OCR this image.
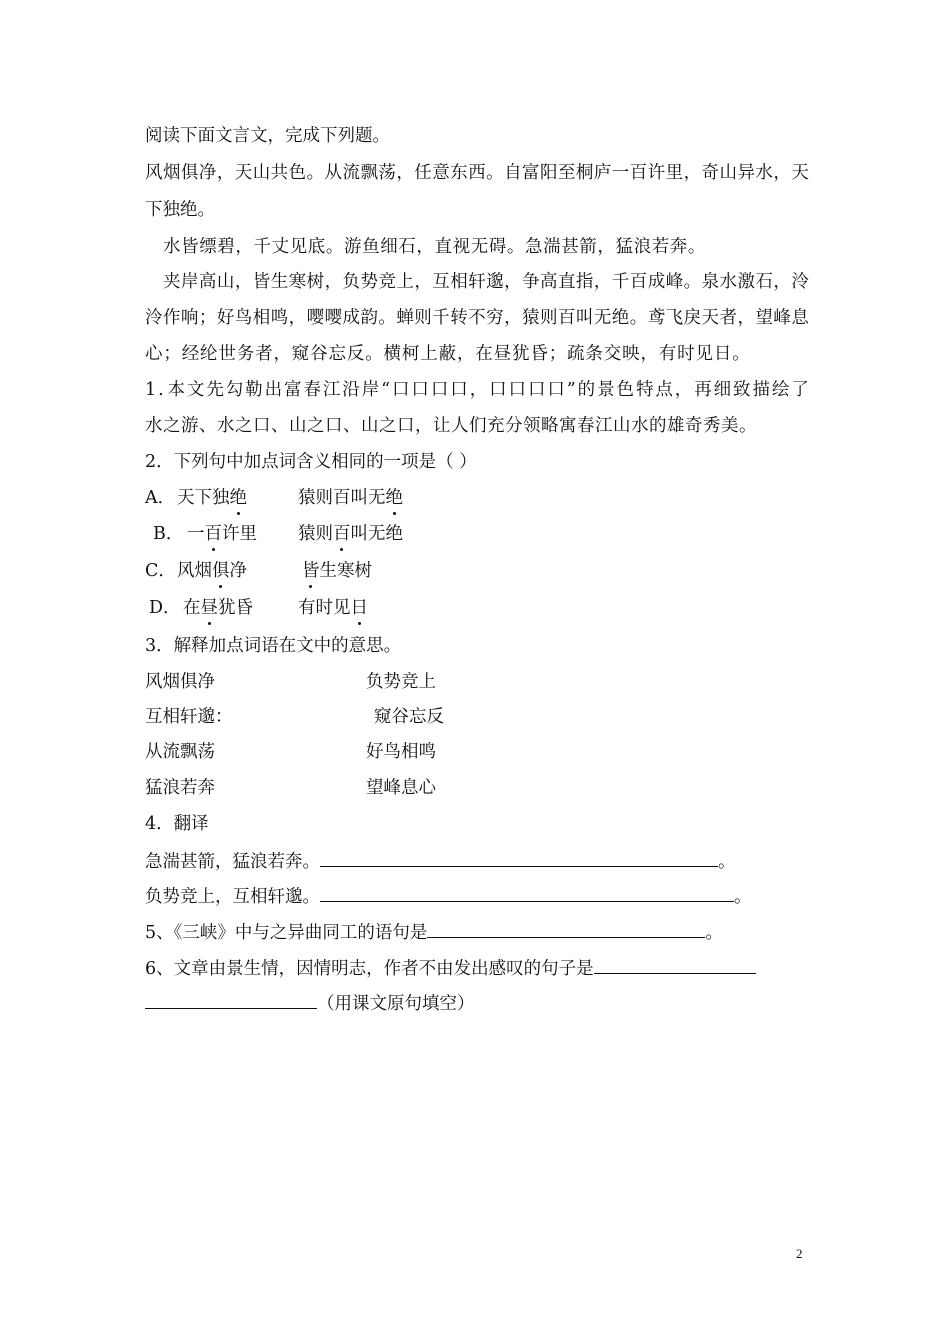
阅读下面文言文，完成下列题。
风 烟 俱 净 ， 天 山 共 色 。 从 流 飘 荡 ， 任 意 东 西 。 自 富 阳 至 桐 庐 一 百 许 里 ， 奇 山 异 水 ， 天
下独绝。
水皆缥碧，千丈见底。游鱼细石，直视无碍。急湍甚箭，猛浪若奔。
夹 岸 高 山 ， 皆 生 寒 树 ， 负 势 竞 上 ， 互 相 轩 邈 ， 争 高 直 指 ， 千 百 成 峰 。 泉 水 激 石 ， 泠
泠 作 响 ； 好 鸟 相 鸣 ， 嘤 嘤 成 韵 。 蝉 则 千 转 不 穷 ， 猿 则 百 叫 无 绝 。 鸢 飞 戾 天 者 ， 望 峰 息
心；经纶世务者，窥谷忘反。横柯上蔽，在昼犹昏；疏条交映，有时见日。
1 . 本 文 先 勾 勒 出 富 春 江 沿 岸 “ 口 口 口 口 ， 口 口 口 口 ” 的 景 色 特 点 ， 再 细 致 描 绘 了
水之游、水之口、山之口、山之口，让人们充分领略寓春江山水的雄奇秀美。
2．下列句中加点词含义相同的一项是（ ）
A． 天下独绝	猿则百叫无绝
B． 一百许里 猿则百叫无绝
C． 风烟俱净	皆生寒树
D． 在昼犹昏	有时见日
3．解释加点词语在文中的意思。
风烟俱净	负势竞上
互相轩邈：	窥谷忘反
从流飘荡	好鸟相鸣
猛浪若奔	望峰息心
4．翻译
急湍甚箭，猛浪若奔。	。
负势竞上，互相轩邈。	。
5、《三峡》中与之异曲同工的语句是	。
6、文章由景生情，因情明志，作者不由发出感叹的句子是
（用课文原句填空）
2
